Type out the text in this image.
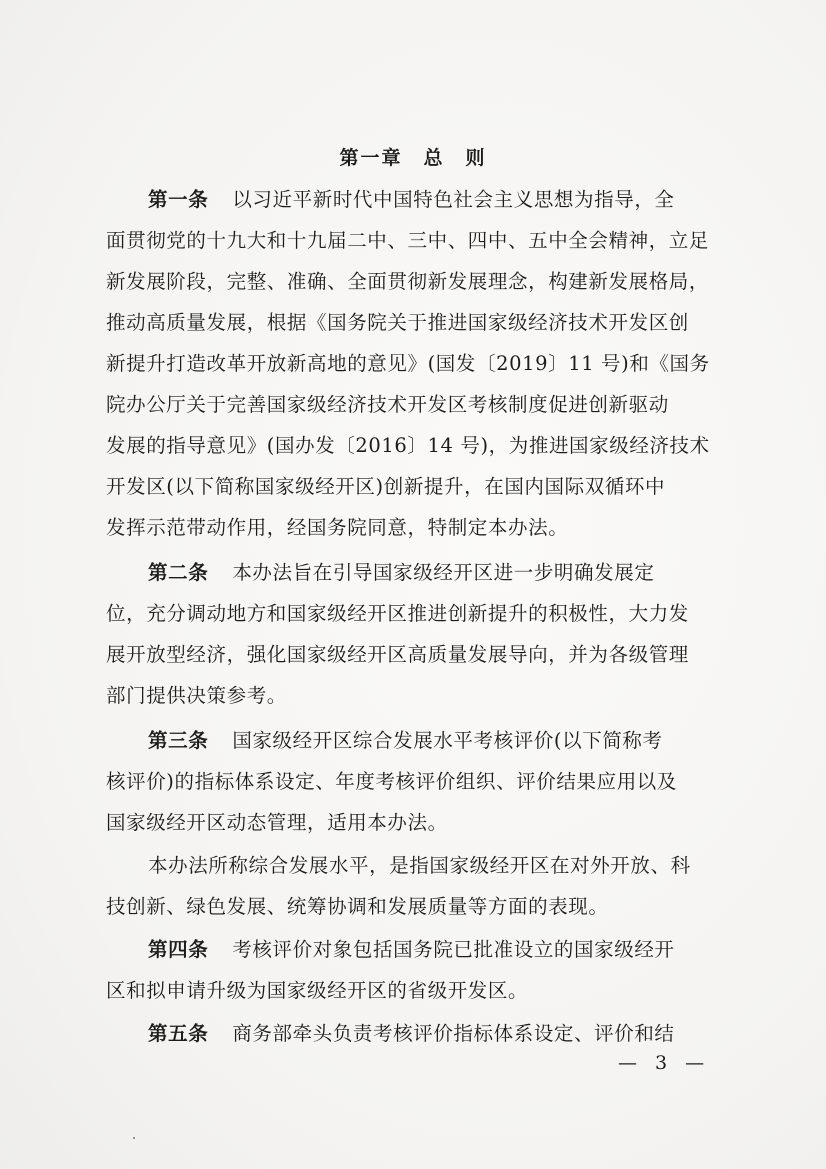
第一章　总　则
第一条 以习近平新时代中国特色社会主义思想为指导，全
面贯彻党的十九大和十九届二中、三中、四中、五中全会精神，立足
新发展阶段，完整、准确、全面贯彻新发展理念，构建新发展格局，
推动高质量发展，根据《国务院关于推进国家级经济技术开发区创
新提升打造改革开放新高地的意见》(国发〔2019〕11 号)和《国务
院办公厅关于完善国家级经济技术开发区考核制度促进创新驱动
发展的指导意见》(国办发〔2016〕14 号)，为推进国家级经济技术
开发区(以下简称国家级经开区)创新提升，在国内国际双循环中
发挥示范带动作用，经国务院同意，特制定本办法。
第二条 本办法旨在引导国家级经开区进一步明确发展定
位，充分调动地方和国家级经开区推进创新提升的积极性，大力发
展开放型经济，强化国家级经开区高质量发展导向，并为各级管理
部门提供决策参考。
第三条 国家级经开区综合发展水平考核评价(以下简称考
核评价)的指标体系设定、年度考核评价组织、评价结果应用以及
国家级经开区动态管理，适用本办法。
本办法所称综合发展水平，是指国家级经开区在对外开放、科
技创新、绿色发展、统筹协调和发展质量等方面的表现。
第四条 考核评价对象包括国务院已批准设立的国家级经开
区和拟申请升级为国家级经开区的省级开发区。
第五条 商务部牵头负责考核评价指标体系设定、评价和结
— 3 —
